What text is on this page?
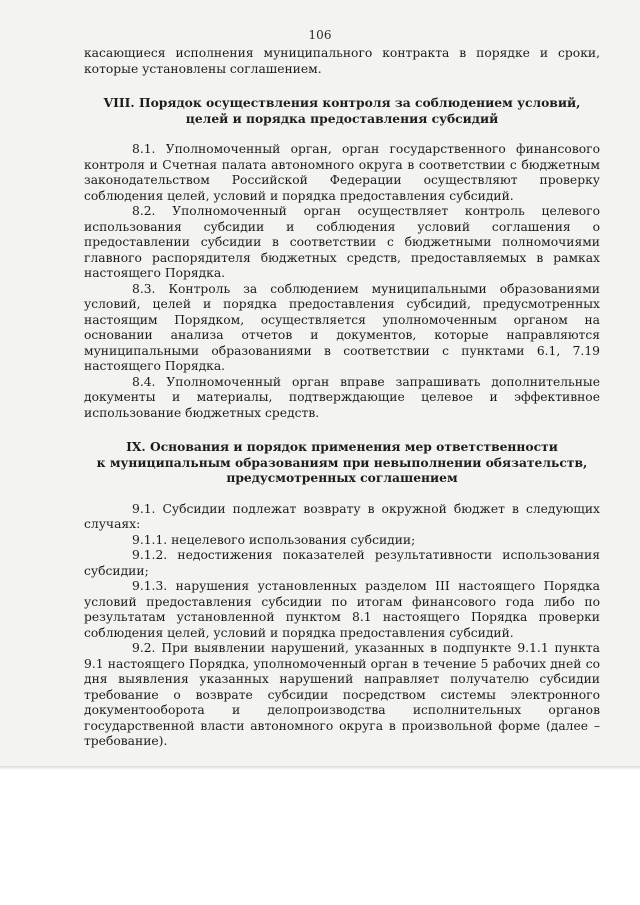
106

касающиеся исполнения муниципального контракта в порядке и сроки, которые установлены соглашением.

VIII. Порядок осуществления контроля за соблюдением условий,
целей и порядка предоставления субсидий

8.1. Уполномоченный орган, орган государственного финансового контроля и Счетная палата автономного округа в соответствии с бюджетным законодательством Российской Федерации осуществляют проверку соблюдения целей, условий и порядка предоставления субсидий.

8.2. Уполномоченный орган осуществляет контроль целевого использования субсидии и соблюдения условий соглашения о предоставлении субсидии в соответствии с бюджетными полномочиями главного распорядителя бюджетных средств, предоставляемых в рамках настоящего Порядка.

8.3. Контроль за соблюдением муниципальными образованиями условий, целей и порядка предоставления субсидий, предусмотренных настоящим Порядком, осуществляется уполномоченным органом на основании анализа отчетов и документов, которые направляются муниципальными образованиями в соответствии с пунктами 6.1, 7.19 настоящего Порядка.

8.4. Уполномоченный орган вправе запрашивать дополнительные документы и материалы, подтверждающие целевое и эффективное использование бюджетных средств.

IX. Основания и порядок применения мер ответственности
к муниципальным образованиям при невыполнении обязательств,
предусмотренных соглашением

9.1. Субсидии подлежат возврату в окружной бюджет в следующих случаях:

9.1.1. нецелевого использования субсидии;

9.1.2. недостижения показателей результативности использования субсидии;

9.1.3. нарушения установленных разделом III настоящего Порядка условий предоставления субсидии по итогам финансового года либо по результатам установленной пунктом 8.1 настоящего Порядка проверки соблюдения целей, условий и порядка предоставления субсидий.

9.2. При выявлении нарушений, указанных в подпункте 9.1.1 пункта 9.1 настоящего Порядка, уполномоченный орган в течение 5 рабочих дней со дня выявления указанных нарушений направляет получателю субсидии требование о возврате субсидии посредством системы электронного документооборота и делопроизводства исполнительных органов государственной власти автономного округа в произвольной форме (далее – требование).
